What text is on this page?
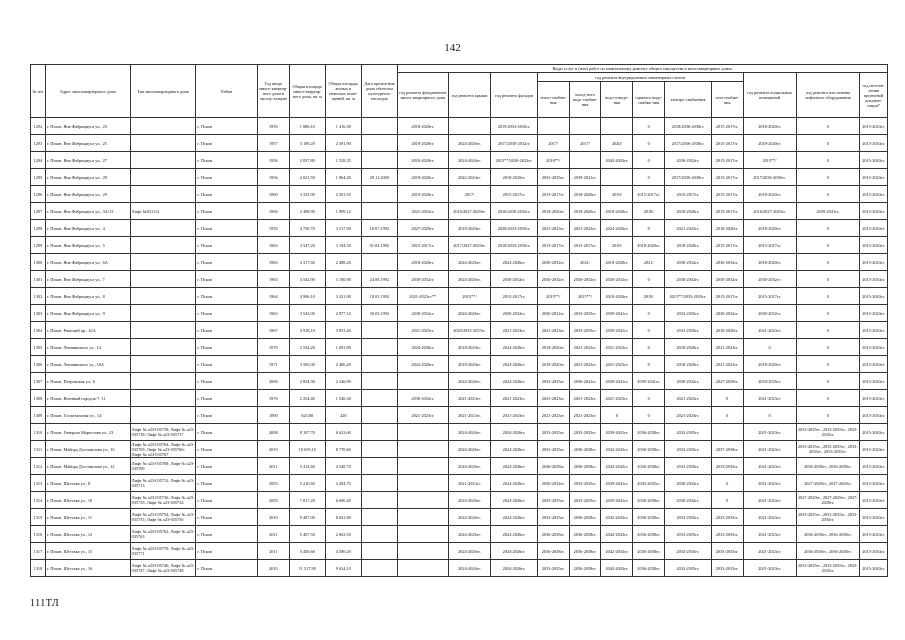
142
№ п/п	Адрес многоквартирного дома	Тип многоквартирного дома	Район	Год ввода много-квартир-ного дома в эксплу-атацию	Общая площадь много-квартир-ного дома, кв. м	Общая площадь жилых и нежилых поме-щений, кв. м	Дата призна-ния дома объектом культурного наследия	Виды услуг и (или) работ по капитальному ремонту общего имущества в многоквартирных домах											
								год ремонта фундаментов много-квартирного дома	год ремонта крыши	год ремонта фасадов	год ремонта внутридомовых инженерных систем						год ремонта подвальных помещений	год ремонта или замены лифтового оборудования	год изготов-ления проектной докумен-тации*
											тепло-снабже-ния	холод-ного водо-снабже-ния	водо-отведе-ния	горячего водо-снабже-ния	электро-снабжения	газо-снабже-ния			
1292	г. Псков, Яна Фабрициуса ул., 23		г. Псков	1959	1 886,10	1 416,58		2018-2020гг.		2019/2033-2035гг.				0	2018/2036-2038гг.	2015-2017гг.	2018-2020гг.	0	2015-2043гг.
1293	г. Псков, Яна Фабрициуса ул., 25		г. Псков	1957	3 189,20	2 391,90		2018-2020гг.	2024-2026гг.	2017/2030-2032гг.	2017/	2017/	2020/	0	2017/2036-2038гг.	2015-2017гг.	2018-2020гг.	0	2015-2043гг.
1294	г. Псков, Яна Фабрициуса ул., 27		г. Псков	1956	2 037,80	1 528,35		2018-2020гг.	2024-2026гг.	2015**/2030-2032гг.	2016**/		2042-2043гг.	0	2030-2032гг.	2015-2017гг.	2015**/	0	2015-2043гг.
1295	г. Псков, Яна Фабрициуса ул., 28		г. Псков	1956	2 021,50	1 864,40	29.11.2000	2018-2020гг.	2042-2043гг.	2018-2020гг.	2033-2035гг.	2039-2041гг.		0	2017/2036-2038гг.	2015-2017гг.	2017/2036-2038гг.	0	2015-2043гг.
1296	г. Псков, Яна Фабрициуса ул., 29		г. Псков	1960	3 335,90	2 501,93		2019-2020гг.	2017/	2015-2017гг.	2015-2017гг.	2018-2020гг.	2019/	2015-2017гг.	2015-2017гг.	2015-2017гг.	2018-2020гг.	0	2015-2043гг.
1297	г. Псков, Яна Фабрициуса ул., 3А/13	Лифт №031112	г. Псков	1966	2 498,90	1 999,12		2021-2023гг.	2016/2027-2029гг.	2016/2030-2032гг.	2018-2020гг.	2018-2020гг.	2018-2020гг.	2018/	2018-2020гг.	2015-2017гг.	2016/2027-2029гг.	2039-2041гг.	2015-2043гг.
1298	г. Псков, Яна Фабрициуса ул., 4		г. Псков	1959	4 750,70	3 217,90	10.07.1992	2027-2029гг.	2018-2020гг.	2020/2033-2035гг.	2021-2023гг.	2021-2023гг.	2024-2026гг.	0	2021-2023гг.	2018-2020гг.	2018-2020гг.	0	2015-2043гг.
1299	г. Псков, Яна Фабрициуса ул., 5		г. Псков	1963	3 547,20	3 194,50	01.04.1992	2015-2017гг.	2017/2027-2029гг.	2018/2033-2035гг.	2015-2017гг.	2015-2017гг.	2019/	2018-2020гг.	2018-2020гг.	2015-2017гг.	2015-2017гг.	0	2015-2043гг.
1300	г. Псков, Яна Фабрициуса ул., 6А		г. Псков	1963	3 317,60	2 488,20		2018-2020гг.	2024-2026гг.	2024-2026гг.	2030-2032гг.	2021/	2018-2020гг.	2021/	2030-2032гг.	2030-2032гг.	2018-2020гг.	0	2015-2043гг.
1301	г. Псков, Яна Фабрициуса ул., 7		г. Псков	1963	3 542,90	3 190,90	24.06.1992	2030-2032гг.	2024-2026гг.	2030-2032гг.	2030-2032гг.	2030-2032гг.	2030-2032гг.	0	2030-2032гг.	2030-2032гг.	2030-2032гг.	0	2015-2043гг.
1302	г. Псков, Яна Фабрициуса ул., 8		г. Псков	1964	4 906,10	3 221,90	18.05.1992	2021-2023гг.**	2015**/	2015-2017гг.	2015**/	2015**/	2018-2020гг.	2019/	2015**/2033-2035гг.	2015-2017гг.	2015-2017гг.	0	2015-2043гг.
1303	г. Псков, Яна Фабрициуса ул., 9		г. Псков	1963	3 543,00	2 877,10	30.03.1992	2030-2032гг.	2024-2026гг.	2030-2032гг.	2030-2032гг.	2033-2035гг.	2039-2041гг.	0	2033-2035гг.	2030-2032гг.	2030-2032гг.	0	2015-2043гг.
1304	г. Псков, Рижский пр., 42А		г. Псков	1967	3 918,10	3 853,40		2021-2023гг.	2020/2033-2035гг.	2021-2023гг.	2021-2023гг.	2033-2035гг.	2039-2041гг.	0	2033-2035гг.	2018-2020гг.	2021-2023гг.	0	2015-2043гг.
1305	г. Псков, Леншинского ул., 14		г. Псков	1970	2 534,20	1 691,90		2024-2026гг.	2018-2020гг.	2024-2026гг.	2018-2020гг.	2021-2023гг.	2021-2023гг.	0	2018-2020гг.	2021-2023гг.	0	0	2015-2043гг.
1306	г. Псков, Леншинского ул., 16А		г. Псков	1971	3 565,90	2 406,20		2024-2026гг.	2018-2020гг.	2024-2026гг.	2018-2020гг.	2021-2023гг.	2021-2023гг.	0	2018-2020гг.	2021-2023гг.	2018-2020гг.	0	2015-2043гг.
1307	г. Псков, Петровская ул., 6		г. Псков	2006	2 934,30	2 346,90			2024-2026гг.	2024-2026гг.	2033-2035гг.	2036-2041гг.	2039-2041гг.	2039-2041гг.	2030-2032гг.	2027-2029гг.	2033-2035гг.	0	2015-2043гг.
1308	г. Псков, Военный городок-7, 11		г. Псков	1976	2 254,40	1 546,30		2030-2032гг.	2021-2023гг.	2021-2023гг.	2021-2023гг.	2021-2023гг.	2021-2023гг.	0	2021-2023гг.	0	2021-2023гг.	0	2015-2043гг.
1309	г. Псков, Госпитальная ул., 14		г. Псков	1890	623,00	426		2021-2023гг.	2021-2023гг.	2021-2023гг.	2021-2023гг.	2021-2023гг.	0	0	2021-2023гг.	0	0	0	2015-2043гг.
1310	г. Псков, Генерала Маргелова ул., 23	Лифт № а23-035739; Лифт № а23-035738; Лифт № а23-035737	г. Псков	2008	8 107,70	6 623,60			2024-2026гг.	2024-2026гг.	2033-2035гг.	2033-2035гг.	2039-2041гг.	2036-2038гг.	2033-2035гг.		2021-2023гг.	2033-2035гг., 2033-2035гг., 2033-2035гг.	2015-2043гг.
1311	г. Псков, Майора Доставалова ул., 10	Лифт № а23-035764; Лифт № а23-035765; Лифт № а23-035766; Лифт № а23-035767	г. Псков	2010	10 639,10	8 770,60			2024-2026гг.	2024-2026гг.	2033-2035гг.	2036-2038гг.	2042-2043гг.	2036-2038гг.	2033-2035гг.	2037-2038гг.	2021-2023гг.	2033-2035гг., 2033-2035гг., 2033-2035гг., 2033-2035гг.	2015-2043гг.
1312	г. Псков, Майора Доставалова ул., 12	Лифт № а23-035768; Лифт № а23-035769	г. Псков	2011	5 414,60	4 548,70			2024-2026гг.	2024-2026гг.	2036-2038гг.	2036-2038гг.	2042-2043гг.	2036-2038гг.	2033-2035гг.	2033-2035гг.	2021-2023гг.	2036-2038гг., 2036-2038гг.	2015-2043гг.
1313	г. Псков, Шестака ул., 8	Лифт № а23-035712; Лифт № а23-035713	г. Псков	2003	5 210,60	4 294,70			2021-2023гг.	2024-2026гг.	2030-2032гг.	2033-2035гг.	2039-2041гг.	2033-2035гг.	2030-2032гг.	0	2021-2023гг.	2027-2029гг., 2027-2029гг.	2015-2043гг.
1314	г. Псков, Шестака ул., 10	Лифт № а23-035736; Лифт № а23-035735; Лифт № а23-035734	г. Псков	2003	7 817,20	6 696,40			2024-2026гг.	2024-2026гг.	2033-2035гг.	2033-2035гг.	2039-2041гг.	2036-2038гг.	2030-2032гг.	0	2021-2023гг.	2027-2029гг., 2027-2029гг., 2027-2029гг.	2015-2043гг.
1315	г. Псков, Шестака ул., 11	Лифт № а23-035754; Лифт № а23-035755; Лифт № а23-035756	г. Псков	2010	9 407,00	6 841,80			2024-2026гг.	2024-2026гг.	2033-2035гг.	2036-2038гг.	2042-2043гг.	2036-2038гг.	2033-2035гг.	2033-2035гг.	2021-2023гг.	2033-2035гг., 2033-2035гг., 2033-2035гг.	2015-2043гг.
1316	г. Псков, Шестака ул., 12	Лифт № а23-035762; Лифт № а23-035763	г. Псков	2011	5 407,50	2 663,50			2024-2026гг.	2024-2026гг.	2036-2038гг.	2036-2038гг.	2042-2043гг.	2036-2038гг.	2033-2035гг.	2033-2035гг.	2021-2023гг.	2036-2038гг., 2036-2038гг.	2015-2043гг.
1317	г. Псков, Шестака ул., 15	Лифт № а23-035770; Лифт № а23-035771	г. Псков	2011	5 456,60	4 586,20			2024-2026гг.	2024-2026гг.	2036-2038гг.	2036-2038гг.	2042-2043гг.	2036-2038гг.	2033-2035гг.	2033-2035гг.	2021-2023гг.	2036-2038гг., 2036-2038гг.	2015-2043гг.
1318	г. Псков, Шестака ул., 16	Лифт № а23-035746; Лифт № а23-035747; Лифт № а23-035748	г. Псков	2010	11 517,90	9 624,10			2024-2026гг.	2024-2026гг.	2033-2035гг.	2036-2038гг.	2042-2043гг.	2036-2038гг.	2033-2035гг.	2033-2035гг.	2021-2023гг.	2033-2035гг., 2033-2035гг., 2033-2035гг.	2015-2043гг.
111ТЛ
